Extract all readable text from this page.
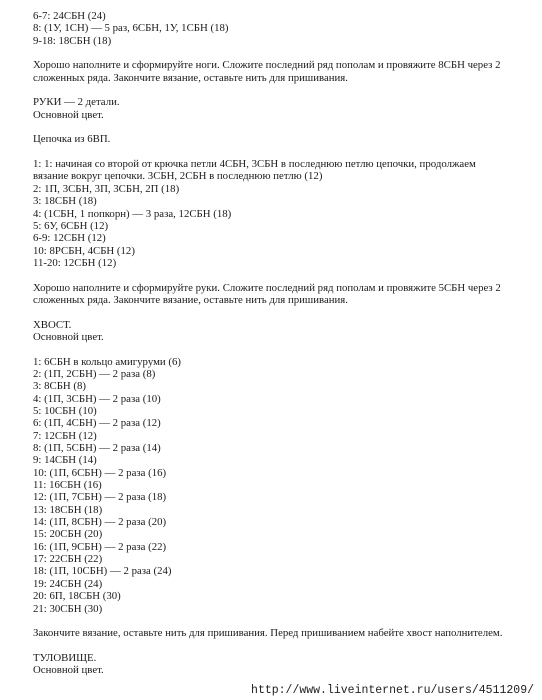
6-7: 24СБН (24)
8: (1У, 1СН) — 5 раз, 6СБН, 1У, 1СБН (18)
9-18: 18СБН (18)
Хорошо наполните и сформируйте ноги. Сложите последний ряд пополам и провяжите 8СБН через 2
сложенных ряда. Закончите вязание, оставьте нить для пришивания.
РУКИ — 2 детали.
Основной цвет.
Цепочка из 6ВП.
1: 1: начиная со второй от крючка петли 4СБН, 3СБН в последнюю петлю цепочки, продолжаем
вязание вокруг цепочки. 3СБН, 2СБН в последнюю петлю (12)
2: 1П, 3СБН, 3П, 3СБН, 2П (18)
3: 18СБН (18)
4: (1СБН, 1 попкорн) — 3 раза, 12СБН (18)
5: 6У, 6СБН (12)
6-9: 12СБН (12)
10: 8РСБН, 4СБН (12)
11-20: 12СБН (12)
Хорошо наполните и сформируйте руки. Сложите последний ряд пополам и провяжите 5СБН через 2
сложенных ряда. Закончите вязание, оставьте нить для пришивания.
ХВОСТ.
Основной цвет.
1: 6СБН в кольцо амигуруми (6)
2: (1П, 2СБН) — 2 раза (8)
3: 8СБН (8)
4: (1П, 3СБН) — 2 раза (10)
5: 10СБН (10)
6: (1П, 4СБН) — 2 раза (12)
7: 12СБН (12)
8: (1П, 5СБН) — 2 раза (14)
9: 14СБН (14)
10: (1П, 6СБН) — 2 раза (16)
11: 16СБН (16)
12: (1П, 7СБН) — 2 раза (18)
13: 18СБН (18)
14: (1П, 8СБН) — 2 раза (20)
15: 20СБН (20)
16: (1П, 9СБН) — 2 раза (22)
17: 22СБН (22)
18: (1П, 10СБН) — 2 раза (24)
19: 24СБН (24)
20: 6П, 18СБН (30)
21: 30СБН (30)
Закончите вязание, оставьте нить для пришивания. Перед пришиванием набейте хвост наполнителем.
ТУЛОВИЩЕ.
Основной цвет.
http://www.liveinternet.ru/users/4511209/
